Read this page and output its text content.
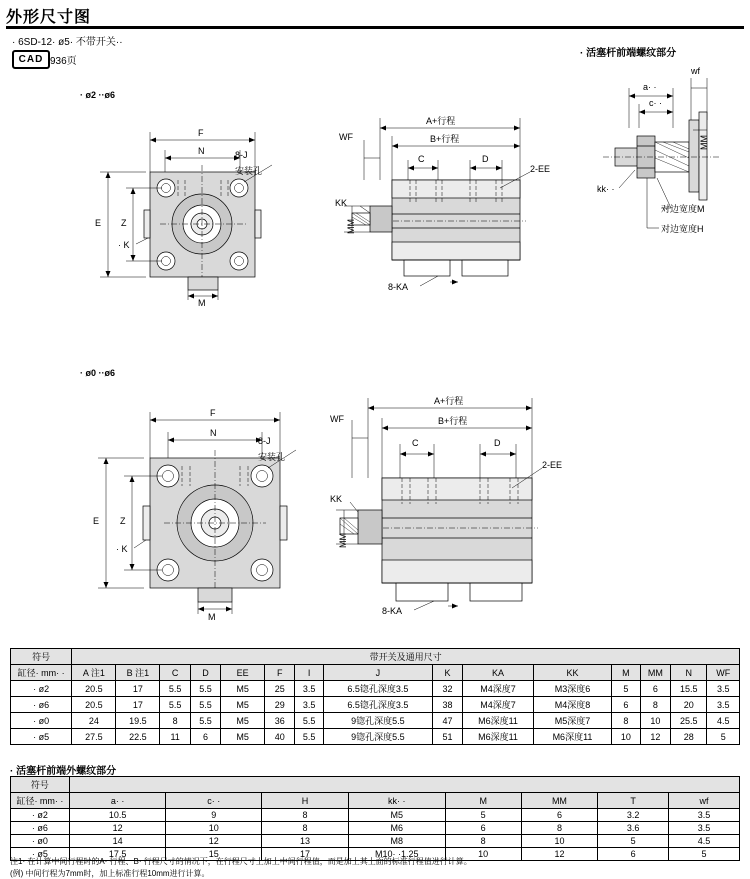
外形尺寸图
· 6SD-12· ø5· 不带开关··
CAD 936页
· 活塞杆前端螺纹部分
· ø2 ··ø6
F
N
E Z
· K
M
8-J
安装孔
A+行程
B+行程
WF
C	D
KK
MM
2-EE
8-KA
a· ·
c· ·
wf
MM
kk· ·
对边宽度M
对边宽度H
· ø0 ··ø6
F
N
E Z
· K
M
8-J
安装孔
A+行程
B+行程
WF
C	D
KK
MM
2-EE
8-KA
符号	带开关及通用尺寸														
缸径· mm· ·	A 注1	B 注1	C	D	EE	F	I	J	K	KA	KK	M	MM	N	WF
· ø2	20.5	17	5.5	5.5	M5	25	3.5	6.5锪孔深度3.5	32	M4深度7	M3深度6	5	6	15.5	3.5
· ø6	20.5	17	5.5	5.5	M5	29	3.5	6.5锪孔深度3.5	38	M4深度7	M4深度8	6	8	20	3.5
· ø0	24	19.5	8	5.5	M5	36	5.5	9锪孔深度5.5	47	M6深度11	M5深度7	8	10	25.5	4.5
· ø5	27.5	22.5	11	6	M5	40	5.5	9锪孔深度5.5	51	M6深度11	M6深度11	10	12	28	5
· 活塞杆前端外螺纹部分
符号								
缸径· mm· ·	a· ·	c· ·	H	kk· ·	M	MM	T	wf
· ø2	10.5	9	8	M5	5	6	3.2	3.5
· ø6	12	10	8	M6	6	8	3.6	3.5
· ø0	14	12	13	M8	8	10	5	4.5
· ø5	17.5	15	17	M10· ·1.25	10	12	6	5
注1· 在计算中间行程时的A· 行程、B· 行程尺寸的情况下，在行程尺寸上加上中间行程值，而是加上其上面的标准行程值进行计算。
(例) 中间行程为7mm时，加上标准行程10mm进行计算。
